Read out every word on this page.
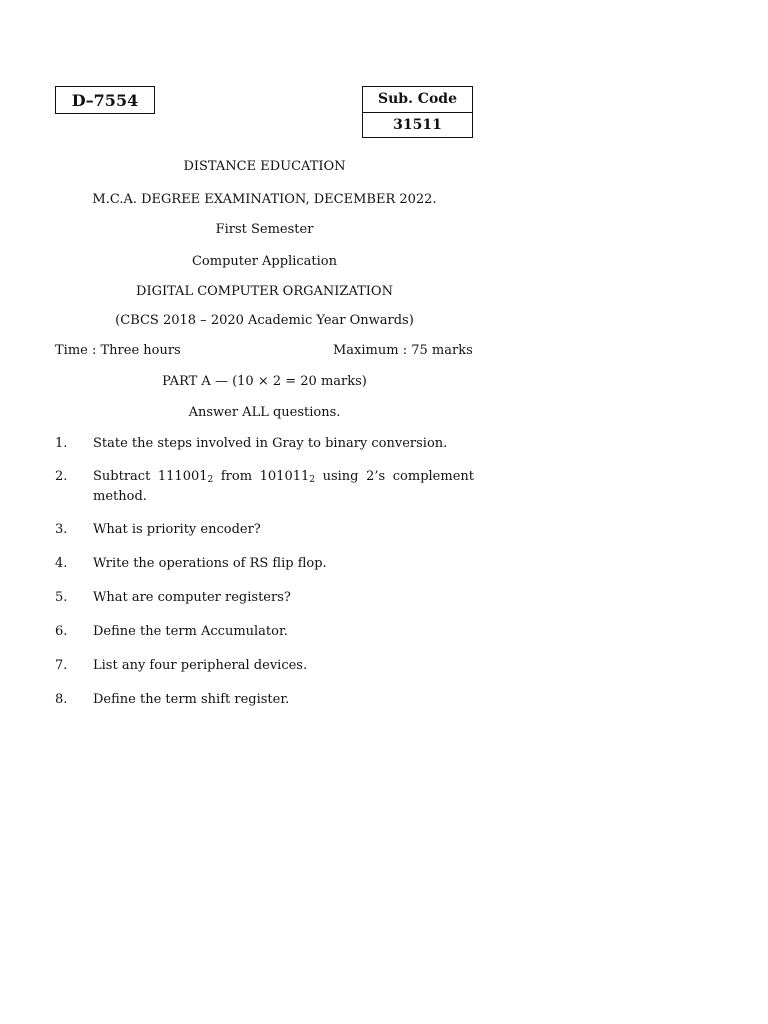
D–7554	Sub. Code
31511
DISTANCE EDUCATION
M.C.A. DEGREE EXAMINATION, DECEMBER 2022.
First Semester
Computer Application
DIGITAL COMPUTER ORGANIZATION
(CBCS 2018 – 2020 Academic Year Onwards)
Time : Three hours	Maximum : 75 marks
PART A — (10 × 2 = 20 marks)
Answer ALL questions.
1. State the steps involved in Gray to binary conversion.
2. Subtract $111001_2$ from $101011_2$ using 2’s complement
method.
3. What is priority encoder?
4. Write the operations of RS flip flop.
5. What are computer registers?
6. Define the term Accumulator.
7. List any four peripheral devices.
8. Define the term shift register.
